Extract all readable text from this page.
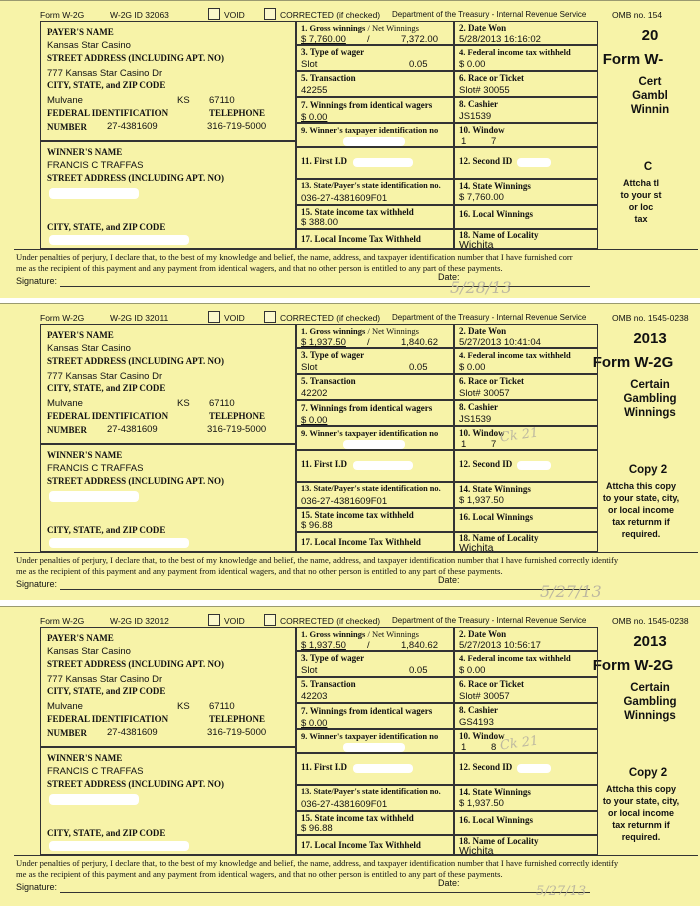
Form W-2G	W-2G ID 32063	VOID	CORRECTED (if checked) Department of the Treasury - Internal Revenue Service	OMB no. 154
20
Form W-
Cert
Gambl
Winnin
C
Attcha tl
to your st
or loc
tax
PAYER'S NAME
Kansas Star Casino
STREET ADDRESS (INCLUDING APT. NO)
777 Kansas Star Casino Dr
CITY, STATE, and ZIP CODE
Mulvane	KS 67110
FEDERAL IDENTIFICATION	TELEPHONE
NUMBER 27-4381609	316-719-5000
WINNER'S NAME
FRANCIS C TRAFFAS
STREET ADDRESS (INCLUDING APT. NO)
CITY, STATE, and ZIP CODE
1. Gross winnings / Net Winnings
$ 7,760.00 /	7,372.00
2. Date Won
5/28/2013 16:16:02
3. Type of wager
Slot	0.05
4. Federal income tax withheld
$ 0.00
5. Transaction
42255
6. Race or Ticket
Slot# 30055
7. Winnings from identical wagers
$ 0.00
8. Cashier
JS1539
9. Winner's taxpayer identification no 10. Window
1	7
11. First I.D	12. Second ID
13. State/Payer's state identification no.
036-27-4381609F01
14. State Winnings
$ 7,760.00
15. State income tax withheld
$ 388.00
16. Local Winnings
17. Local Income Tax Withheld	18. Name of Locality
Wichita
Under penalties of perjury, I declare that, to the best of my knowledge and belief, the name, address, and taxpayer identification number that I have furnished corr
me as the recipient of this payment and any payment from identical wagers, and that no other person is entitled to any part of these payments.
Signature:	Date:
Form W-2G	W-2G ID 32011	VOID	CORRECTED (if checked) Department of the Treasury - Internal Revenue Service	OMB no. 1545-0238
2013
Form W-2G
Certain
Gambling
Winnings
Copy 2
Attcha this copy
to your state, city,
or local income
tax returnm if
required.
PAYER'S NAME
Kansas Star Casino
STREET ADDRESS (INCLUDING APT. NO)
777 Kansas Star Casino Dr
CITY, STATE, and ZIP CODE
Mulvane	KS 67110
FEDERAL IDENTIFICATION	TELEPHONE
NUMBER 27-4381609	316-719-5000
WINNER'S NAME
FRANCIS C TRAFFAS
STREET ADDRESS (INCLUDING APT. NO)
CITY, STATE, and ZIP CODE
1. Gross winnings / Net Winnings
$ 1,937.50 /	1,840.62
2. Date Won
5/27/2013 10:41:04
3. Type of wager
Slot	0.05
4. Federal income tax withheld
$ 0.00
5. Transaction
42202
6. Race or Ticket
Slot# 30057
7. Winnings from identical wagers
$ 0.00
8. Cashier
JS1539
9. Winner's taxpayer identification no 10. Window
1	7
11. First I.D	12. Second ID
13. State/Payer's state identification no.
036-27-4381609F01
14. State Winnings
$ 1,937.50
15. State income tax withheld
$ 96.88
16. Local Winnings
17. Local Income Tax Withheld	18. Name of Locality
Wichita
Under penalties of perjury, I declare that, to the best of my knowledge and belief, the name, address, and taxpayer identification number that I have furnished correctly identify
me as the recipient of this payment and any payment from identical wagers, and that no other person is entitled to any part of these payments.
Signature:	Date:
Form W-2G	W-2G ID 32012	VOID	CORRECTED (if checked) Department of the Treasury - Internal Revenue Service	OMB no. 1545-0238
2013
Form W-2G
Certain
Gambling
Winnings
Copy 2
Attcha this copy
to your state, city,
or local income
tax returnm if
required.
PAYER'S NAME
Kansas Star Casino
STREET ADDRESS (INCLUDING APT. NO)
777 Kansas Star Casino Dr
CITY, STATE, and ZIP CODE
Mulvane	KS 67110
FEDERAL IDENTIFICATION	TELEPHONE
NUMBER 27-4381609	316-719-5000
WINNER'S NAME
FRANCIS C TRAFFAS
STREET ADDRESS (INCLUDING APT. NO)
CITY, STATE, and ZIP CODE
1. Gross winnings / Net Winnings
$ 1,937.50 /	1,840.62
2. Date Won
5/27/2013 10:56:17
3. Type of wager
Slot	0.05
4. Federal income tax withheld
$ 0.00
5. Transaction
42203
6. Race or Ticket
Slot# 30057
7. Winnings from identical wagers
$ 0.00
8. Cashier
GS4193
9. Winner's taxpayer identification no 10. Window
1	8
11. First I.D	12. Second ID
13. State/Payer's state identification no.
036-27-4381609F01
14. State Winnings
$ 1,937.50
15. State income tax withheld
$ 96.88
16. Local Winnings
17. Local Income Tax Withheld	18. Name of Locality
Wichita
Under penalties of perjury, I declare that, to the best of my knowledge and belief, the name, address, and taxpayer identification number that I have furnished correctly identify
me as the recipient of this payment and any payment from identical wagers, and that no other person is entitled to any part of these payments.
Signature:	Date:
5/28/13
Ck 21
5/27/13
Ck 21
5/27/13
